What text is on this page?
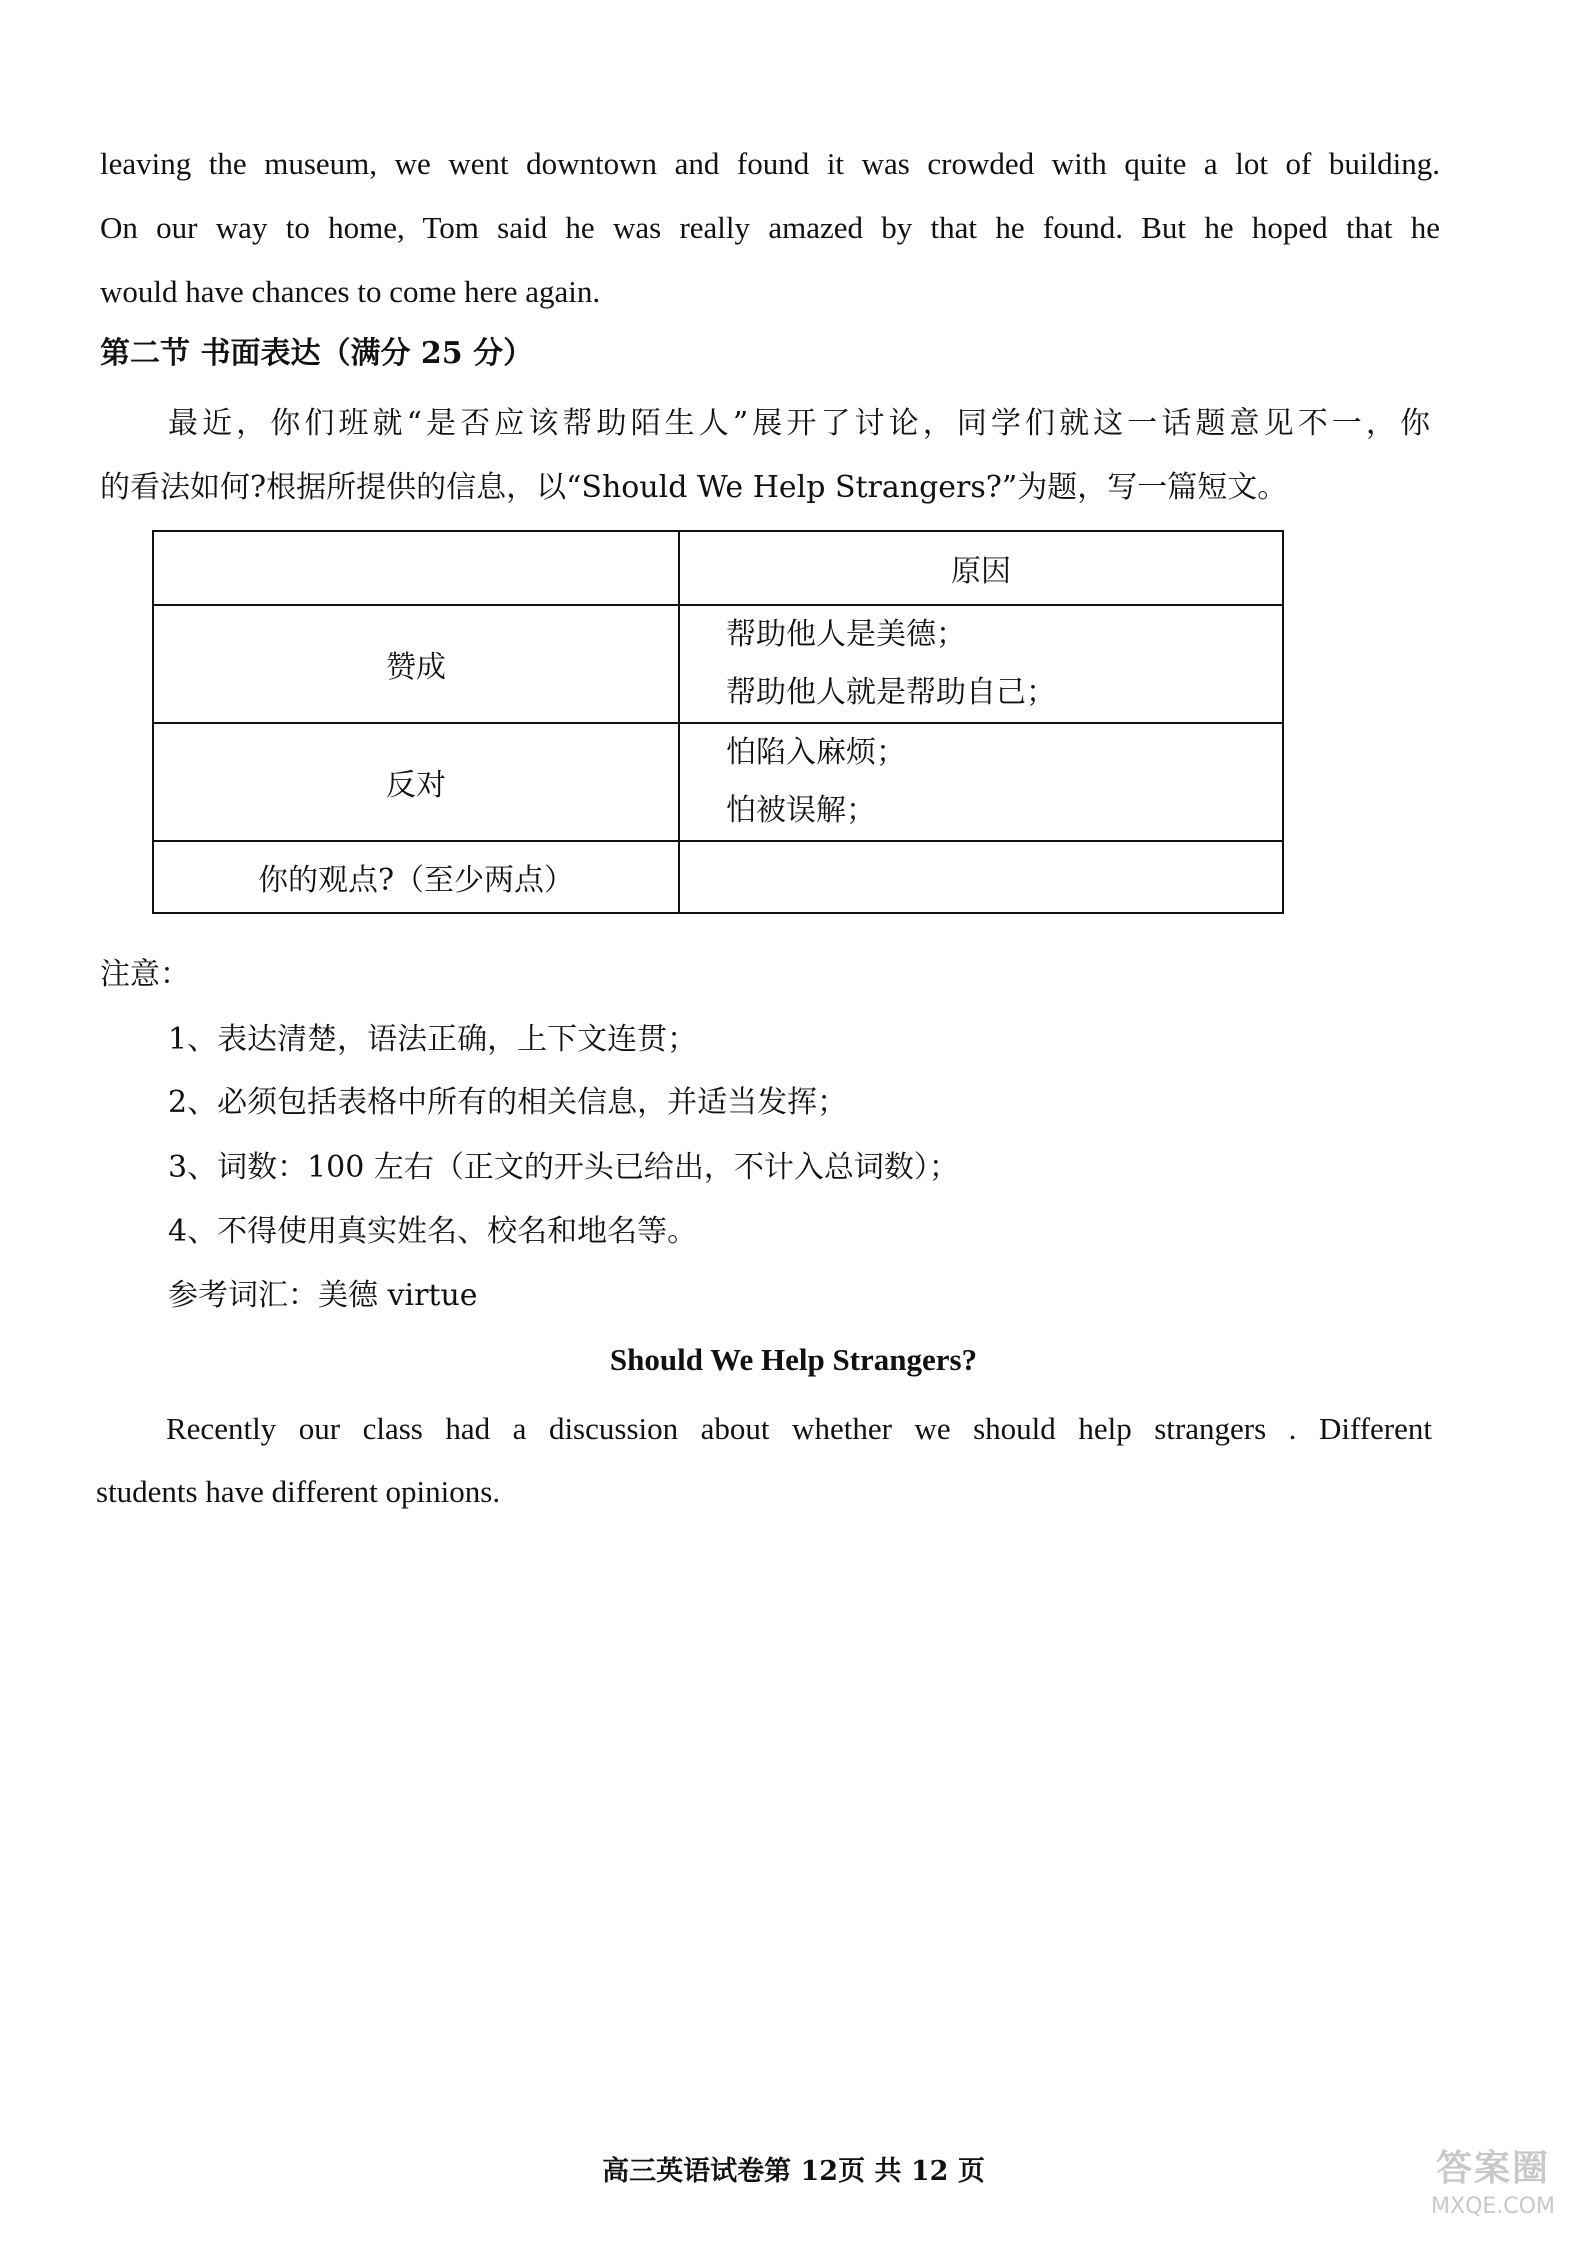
leaving the museum, we went downtown and found it was crowded with quite a lot of building.
On our way to home, Tom said he was really amazed by that he found. But he hoped that he
would have chances to come here again.
第二节 书面表达（满分 25 分）
最近，你们班就“是否应该帮助陌生人”展开了讨论，同学们就这一话题意见不一，你
的看法如何?根据所提供的信息，以“Should We Help Strangers?”为题，写一篇短文。
	原因
赞成	帮助他人是美德；
帮助他人就是帮助自己；

反对	怕陷入麻烦；
怕被误解；

你的观点?（至少两点）	
注意：
1、表达清楚，语法正确，上下文连贯；
2、必须包括表格中所有的相关信息，并适当发挥；
3、词数：100 左右（正文的开头已给出，不计入总词数）；
4、不得使用真实姓名、校名和地名等。
参考词汇：美德 virtue
Should We Help Strangers?
Recently our class had a discussion about whether we should help strangers . Different
students have different opinions.
高三英语试卷第 12页 共 12 页	答案圈
MXQE.COM
